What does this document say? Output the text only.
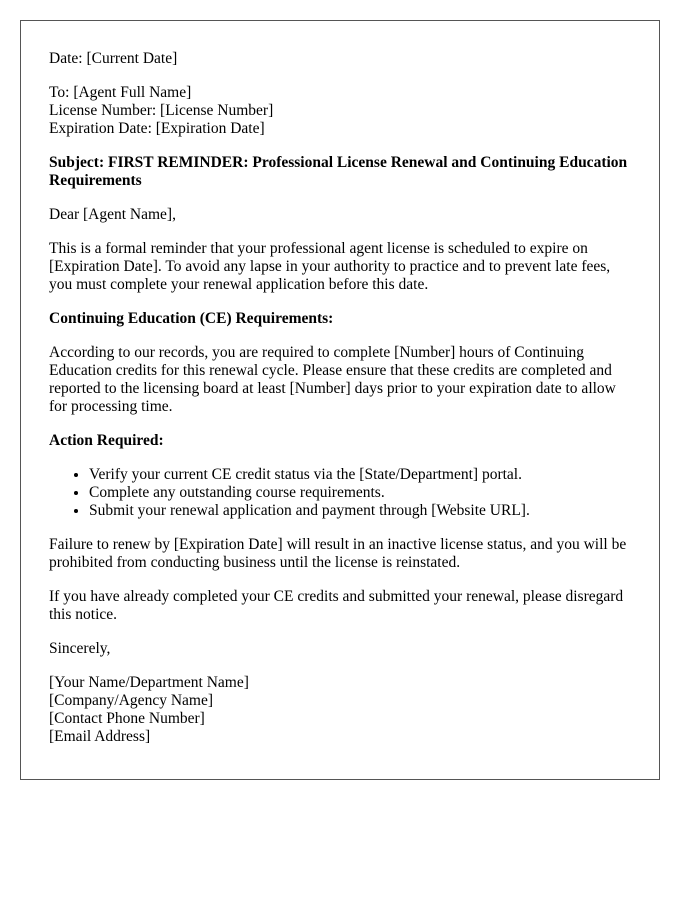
Date: [Current Date]
To: [Agent Full Name]
License Number: [License Number]
Expiration Date: [Expiration Date]

Subject: FIRST REMINDER: Professional License Renewal and Continuing Education Requirements

Dear [Agent Name],

This is a formal reminder that your professional agent license is scheduled to expire on [Expiration Date]. To avoid any lapse in your authority to practice and to prevent late fees, you must complete your renewal application before this date.

Continuing Education (CE) Requirements:

According to our records, you are required to complete [Number] hours of Continuing Education credits for this renewal cycle. Please ensure that these credits are completed and reported to the licensing board at least [Number] days prior to your expiration date to allow for processing time.

Action Required:

• Verify your current CE credit status via the [State/Department] portal.
• Complete any outstanding course requirements.
• Submit your renewal application and payment through [Website URL].

Failure to renew by [Expiration Date] will result in an inactive license status, and you will be prohibited from conducting business until the license is reinstated.

If you have already completed your CE credits and submitted your renewal, please disregard this notice.

Sincerely,

[Your Name/Department Name]
[Company/Agency Name]
[Contact Phone Number]
[Email Address]
